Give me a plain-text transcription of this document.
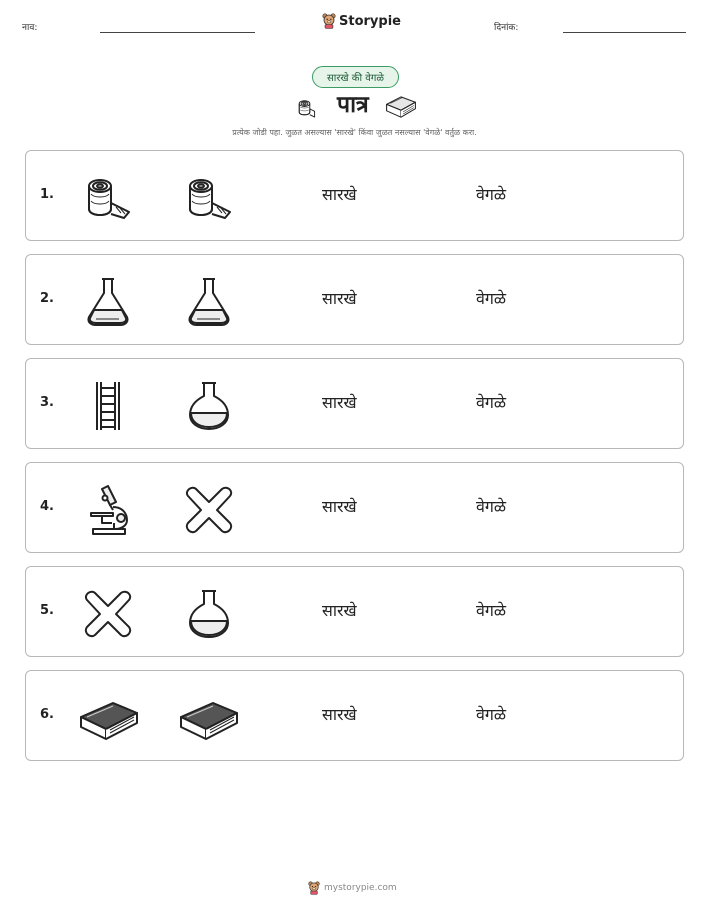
नाव:	Storypie	दिनांक:
सारखे की वेगळे
पात्र
प्रत्येक जोडी पहा. जुळत असल्यास 'सारखे' किंवा जुळत नसल्यास 'वेगळे' वर्तुळ करा.
1.	सारखे	वेगळे
2.	सारखे	वेगळे
3.	सारखे	वेगळे
4.	सारखे	वेगळे
5.	सारखे	वेगळे
6.	सारखे	वेगळे
mystorypie.com
